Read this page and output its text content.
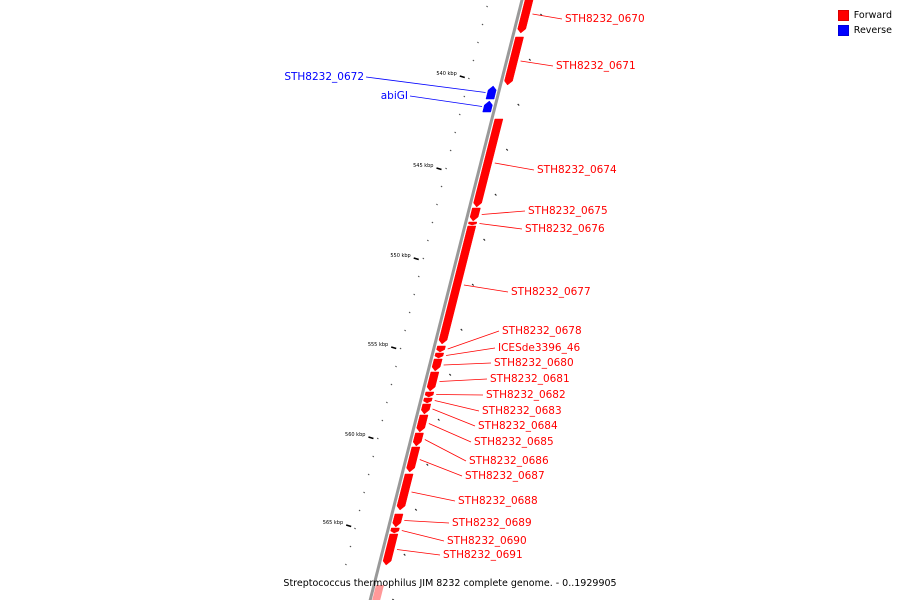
540 kbp
545 kbp
550 kbp
555 kbp
560 kbp
565 kbp
STH8232_0670
STH8232_0671
STH8232_0672
abiGI
STH8232_0674
STH8232_0675
STH8232_0676
STH8232_0677
STH8232_0678
ICESde3396_46
STH8232_0680
STH8232_0681
STH8232_0682
STH8232_0683
STH8232_0684
STH8232_0685
STH8232_0686
STH8232_0687
STH8232_0688
STH8232_0689
STH8232_0690
STH8232_0691
Forward
Reverse
Streptococcus thermophilus JIM 8232 complete genome. - 0..1929905
